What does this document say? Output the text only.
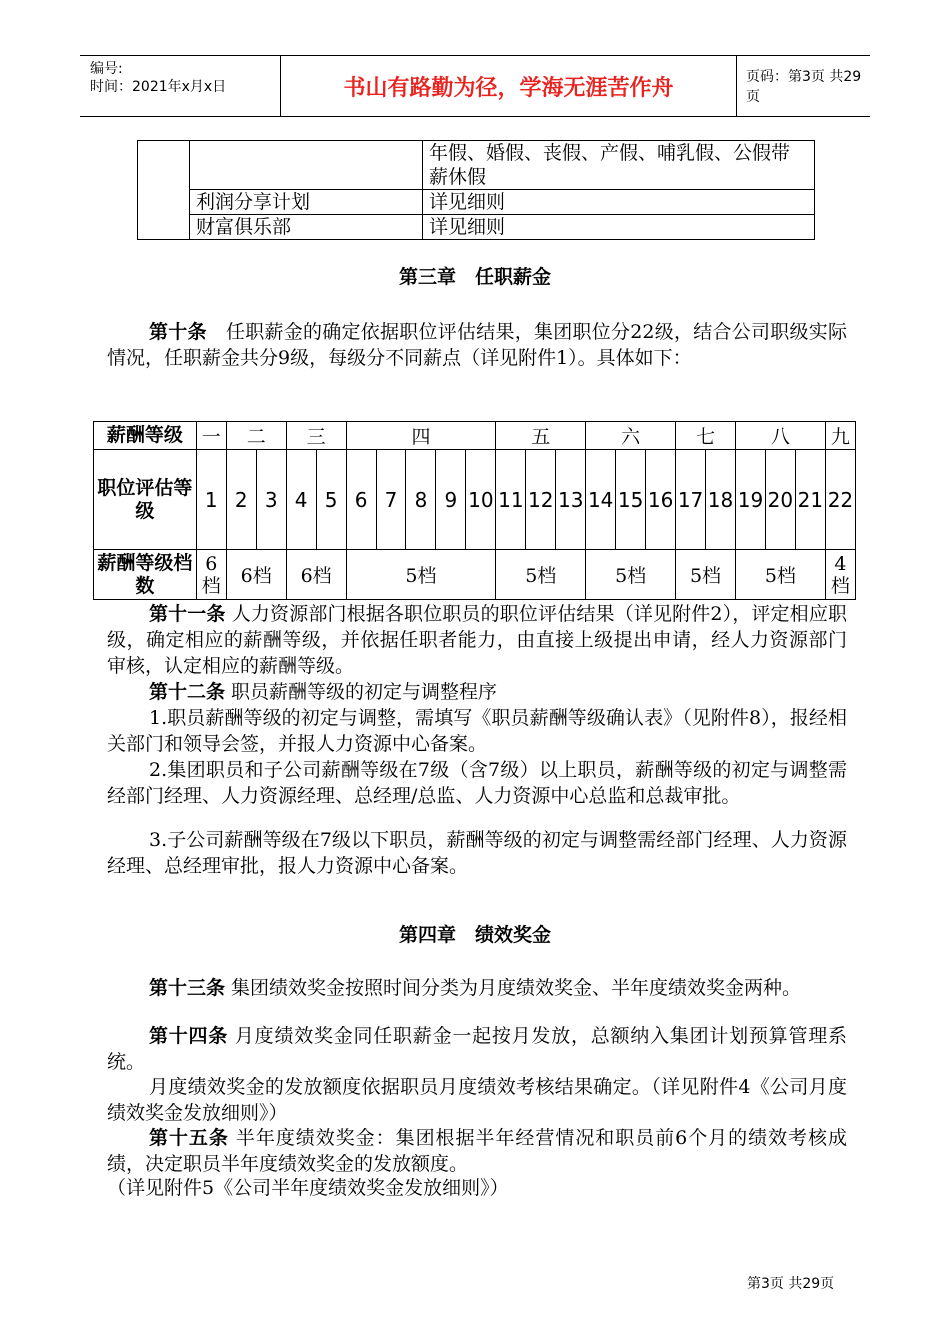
编号:
时间：2021年x月x日	书山有路勤为径，学海无涯苦作舟	页码：第3页 共29页
		年假、婚假、丧假、产假、哺乳假、公假带薪休假
	利润分享计划	详见细则
	财富俱乐部	详见细则
第三章　任职薪金

第十条　任职薪金的确定依据职位评估结果，集团职位分22级，结合公司职级实际情况，任职薪金共分9级，每级分不同薪点（详见附件1）。具体如下：

薪酬等级	一	二		三		四					五			六			七		八			九
职位评估等级	1	2	3	4	5	6	7	8	9	10	11	12	13	14	15	16	17	18	19	20	21	22
薪酬等级档数	6档	6档		6档		5档					5档			5档			5档		5档			4档

第十一条 人力资源部门根据各职位职员的职位评估结果（详见附件2），评定相应职级，确定相应的薪酬等级，并依据任职者能力，由直接上级提出申请，经人力资源部门审核，认定相应的薪酬等级。

第十二条 职员薪酬等级的初定与调整程序

1.职员薪酬等级的初定与调整，需填写《职员薪酬等级确认表》（见附件8），报经相关部门和领导会签，并报人力资源中心备案。

2.集团职员和子公司薪酬等级在7级（含7级）以上职员，薪酬等级的初定与调整需经部门经理、人力资源经理、总经理/总监、人力资源中心总监和总裁审批。

3.子公司薪酬等级在7级以下职员，薪酬等级的初定与调整需经部门经理、人力资源经理、总经理审批，报人力资源中心备案。

第四章　绩效奖金

第十三条 集团绩效奖金按照时间分类为月度绩效奖金、半年度绩效奖金两种。

第十四条 月度绩效奖金同任职薪金一起按月发放，总额纳入集团计划预算管理系统。

月度绩效奖金的发放额度依据职员月度绩效考核结果确定。（详见附件4《公司月度绩效奖金发放细则》）

第十五条 半年度绩效奖金：集团根据半年经营情况和职员前6个月的绩效考核成绩，决定职员半年度绩效奖金的发放额度。

（详见附件5《公司半年度绩效奖金发放细则》）

第3页 共29页
